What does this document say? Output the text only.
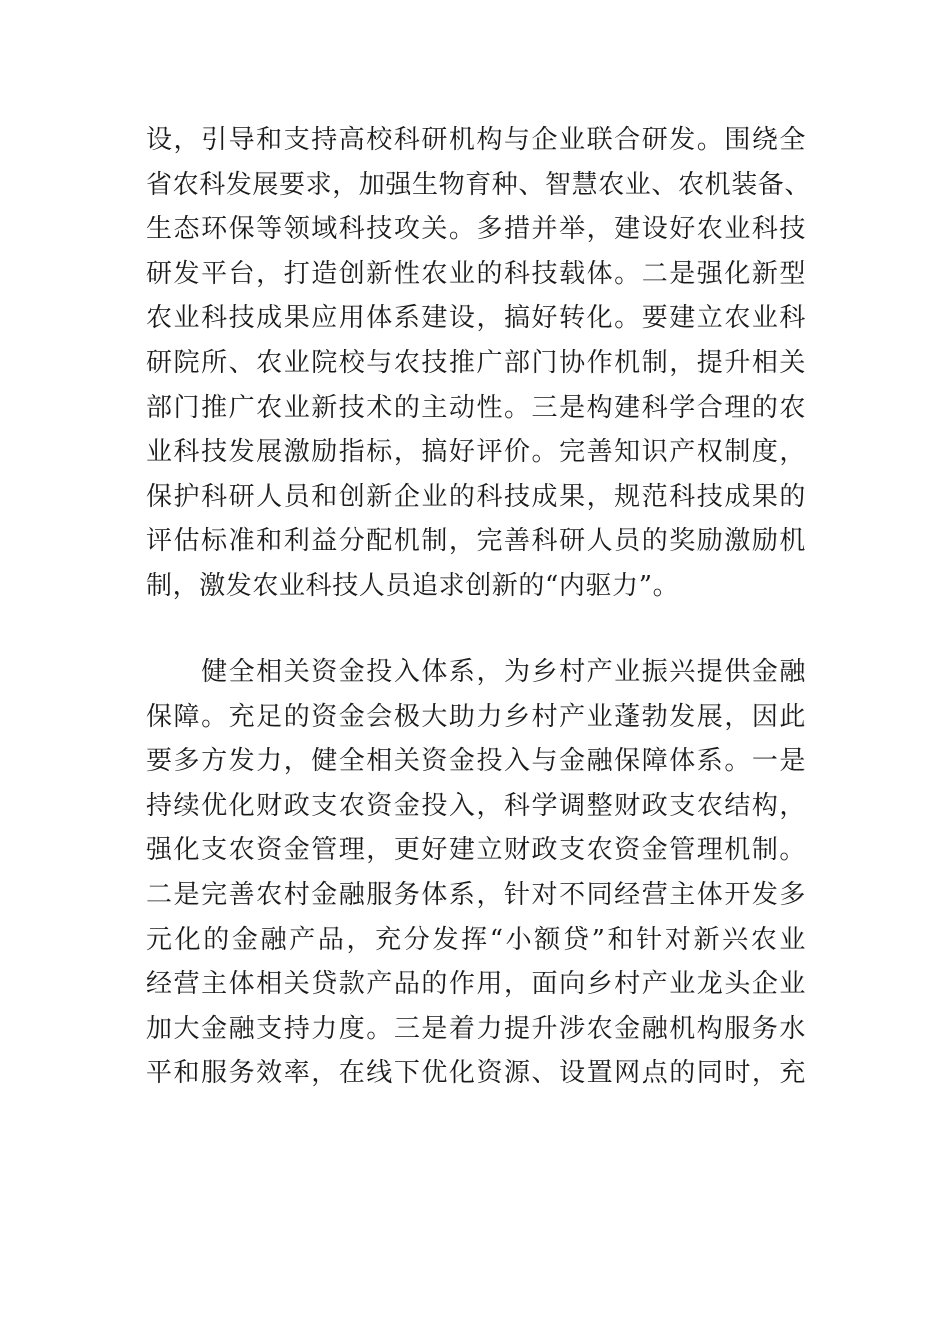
设，引导和支持高校科研机构与企业联合研发。围绕全
省农科发展要求，加强生物育种、智慧农业、农机装备、
生态环保等领域科技攻关。多措并举，建设好农业科技
研发平台，打造创新性农业的科技载体。二是强化新型
农业科技成果应用体系建设，搞好转化。要建立农业科
研院所、农业院校与农技推广部门协作机制，提升相关
部门推广农业新技术的主动性。三是构建科学合理的农
业科技发展激励指标，搞好评价。完善知识产权制度，
保护科研人员和创新企业的科技成果，规范科技成果的
评估标准和利益分配机制，完善科研人员的奖励激励机
制，激发农业科技人员追求创新的“内驱力”。

　　健全相关资金投入体系，为乡村产业振兴提供金融
保障。充足的资金会极大助力乡村产业蓬勃发展，因此
要多方发力，健全相关资金投入与金融保障体系。一是
持续优化财政支农资金投入，科学调整财政支农结构，
强化支农资金管理，更好建立财政支农资金管理机制。
二是完善农村金融服务体系，针对不同经营主体开发多
元化的金融产品，充分发挥“小额贷”和针对新兴农业
经营主体相关贷款产品的作用，面向乡村产业龙头企业
加大金融支持力度。三是着力提升涉农金融机构服务水
平和服务效率，在线下优化资源、设置网点的同时，充
